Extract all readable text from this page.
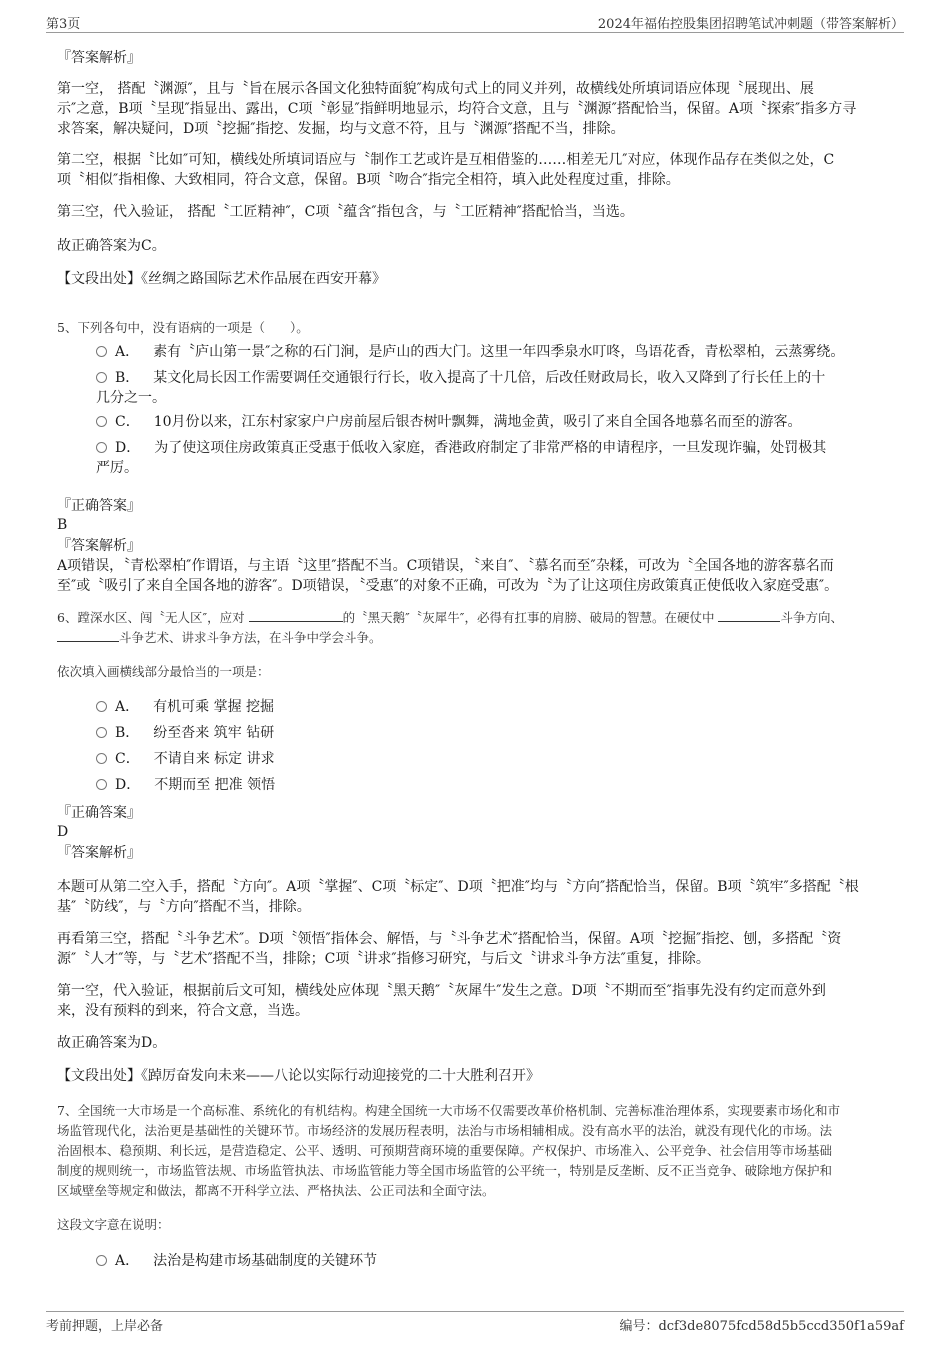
第3页	2024年福佑控股集团招聘笔试冲刺题（带答案解析）
『答案解析』
第一空， 搭配〝渊源″，且与〝旨在展示各国文化独特面貌″构成句式上的同义并列，故横线处所填词语应体现〝展现出、展
示″之意，B项〝呈现″指显出、露出，C项〝彰显″指鲜明地显示，均符合文意，且与〝渊源″搭配恰当，保留。A项〝探索″指多方寻
求答案，解决疑问，D项〝挖掘″指挖、发掘，均与文意不符，且与〝渊源″搭配不当，排除。
第二空，根据〝比如″可知，横线处所填词语应与〝制作工艺或许是互相借鉴的……相差无几″对应，体现作品存在类似之处，C
项〝相似″指相像、大致相同，符合文意，保留。B项〝吻合″指完全相符，填入此处程度过重，排除。
第三空，代入验证， 搭配〝工匠精神″，C项〝蕴含″指包含，与〝工匠精神″搭配恰当，当选。
故正确答案为C。
【文段出处】《丝绸之路国际艺术作品展在西安开幕》
5、下列各句中，没有语病的一项是（　　）。
A． 素有〝庐山第一景″之称的石门涧，是庐山的西大门。这里一年四季泉水叮咚，鸟语花香，青松翠柏，云蒸雾绕。
B． 某文化局长因工作需要调任交通银行行长，收入提高了十几倍，后改任财政局长，收入又降到了行长任上的十
几分之一。
C． 10月份以来，江东村家家户户房前屋后银杏树叶飘舞，满地金黄，吸引了来自全国各地慕名而至的游客。
D． 为了使这项住房政策真正受惠于低收入家庭，香港政府制定了非常严格的申请程序，一旦发现诈骗，处罚极其
严厉。
『正确答案』
B
『答案解析』
A项错误，〝青松翠柏″作谓语，与主语〝这里″搭配不当。C项错误，〝来自″、〝慕名而至″杂糅，可改为〝全国各地的游客慕名而
至″或〝吸引了来自全国各地的游客″。D项错误，〝受惠″的对象不正确，可改为〝为了让这项住房政策真正使低收入家庭受惠″。
6、蹚深水区、闯〝无人区″，应对	的〝黑天鹅″〝灰犀牛″，必得有扛事的肩膀、破局的智慧。在硬仗中	斗争方向、
斗争艺术、讲求斗争方法，在斗争中学会斗争。
依次填入画横线部分最恰当的一项是：
A． 有机可乘 掌握 挖掘
B． 纷至沓来 筑牢 钻研
C． 不请自来 标定 讲求
D． 不期而至 把准 领悟
『正确答案』
D
『答案解析』
本题可从第二空入手，搭配〝方向″。A项〝掌握″、C项〝标定″、D项〝把准″均与〝方向″搭配恰当，保留。B项〝筑牢″多搭配〝根
基″〝防线″，与〝方向″搭配不当，排除。
再看第三空，搭配〝斗争艺术″。D项〝领悟″指体会、解悟，与〝斗争艺术″搭配恰当，保留。A项〝挖掘″指挖、刨，多搭配〝资
源″〝人才″等，与〝艺术″搭配不当，排除；C项〝讲求″指修习研究，与后文〝讲求斗争方法″重复，排除。
第一空，代入验证，根据前后文可知，横线处应体现〝黑天鹅″〝灰犀牛″发生之意。D项〝不期而至″指事先没有约定而意外到
来，没有预料的到来，符合文意，当选。
故正确答案为D。
【文段出处】《踔厉奋发向未来——八论以实际行动迎接党的二十大胜利召开》
7、全国统一大市场是一个高标准、系统化的有机结构。构建全国统一大市场不仅需要改革价格机制、完善标准治理体系，实现要素市场化和市
场监管现代化，法治更是基础性的关键环节。市场经济的发展历程表明，法治与市场相辅相成。没有高水平的法治，就没有现代化的市场。法
治固根本、稳预期、利长远，是营造稳定、公平、透明、可预期营商环境的重要保障。产权保护、市场准入、公平竞争、社会信用等市场基础
制度的规则统一，市场监管法规、市场监管执法、市场监管能力等全国市场监管的公平统一，特别是反垄断、反不正当竞争、破除地方保护和
区域壁垒等规定和做法，都离不开科学立法、严格执法、公正司法和全面守法。
这段文字意在说明：
A． 法治是构建市场基础制度的关键环节
考前押题，上岸必备	编号：dcf3de8075fcd58d5b5ccd350f1a59af
